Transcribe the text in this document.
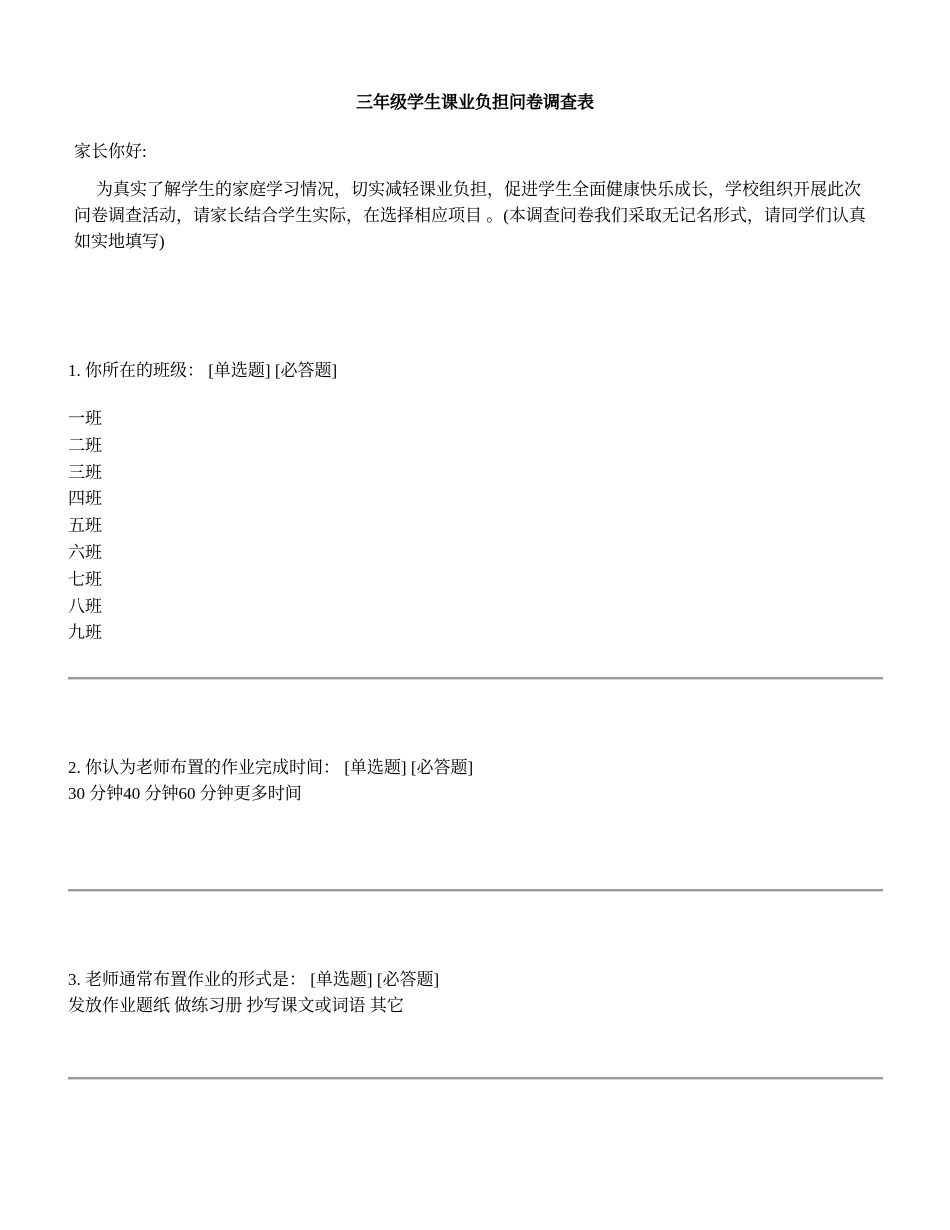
三年级学生课业负担问卷调查表
家长你好:
为真实了解学生的家庭学习情况，切实减轻课业负担，促进学生全面健康快乐成长，学校组织开展此次问卷调查活动，请家长结合学生实际，在选择相应项目 。(本调查问卷我们采取无记名形式，请同学们认真如实地填写)

1. 你所在的班级： [单选题] [必答题]

一班

二班

三班

四班

五班

六班

七班

八班

九班

2. 你认为老师布置的作业完成时间： [单选题] [必答题]

30 分钟40 分钟60 分钟更多时间

3. 老师通常布置作业的形式是： [单选题] [必答题]

发放作业题纸 做练习册 抄写课文或词语 其它
